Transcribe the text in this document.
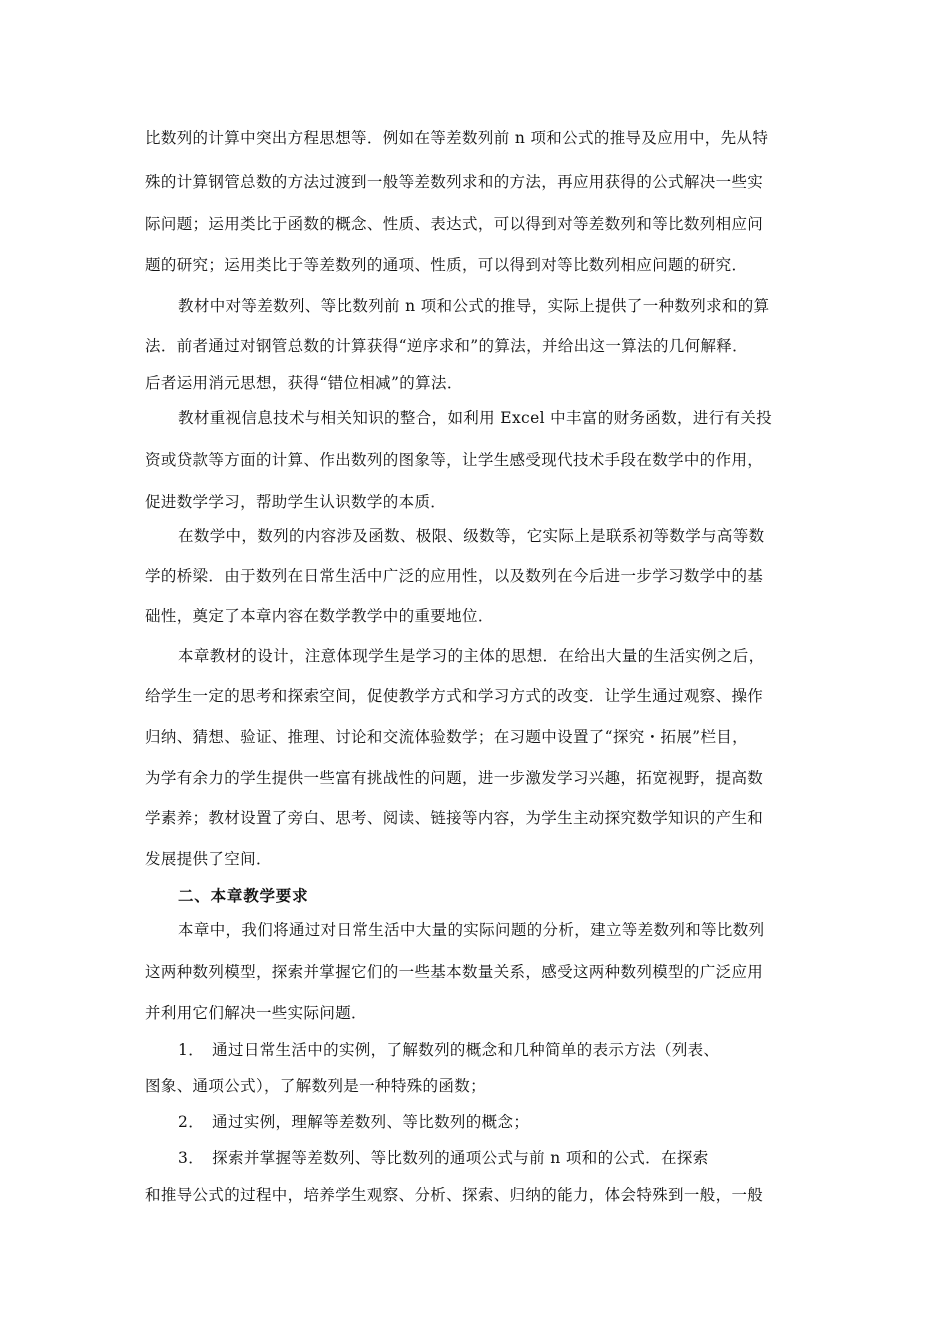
比数列的计算中突出方程思想等．例如在等差数列前 n 项和公式的推导及应用中，先从特
殊的计算钢管总数的方法过渡到一般等差数列求和的方法，再应用获得的公式解决一些实
际问题；运用类比于函数的概念、性质、表达式，可以得到对等差数列和等比数列相应问
题的研究；运用类比于等差数列的通项、性质，可以得到对等比数列相应问题的研究．
教材中对等差数列、等比数列前 n 项和公式的推导，实际上提供了一种数列求和的算
法．前者通过对钢管总数的计算获得“逆序求和”的算法，并给出这一算法的几何解释．
后者运用消元思想，获得“错位相减”的算法．
教材重视信息技术与相关知识的整合，如利用 Excel 中丰富的财务函数，进行有关投
资或贷款等方面的计算、作出数列的图象等，让学生感受现代技术手段在数学中的作用，
促进数学学习，帮助学生认识数学的本质．
在数学中，数列的内容涉及函数、极限、级数等，它实际上是联系初等数学与高等数
学的桥梁．由于数列在日常生活中广泛的应用性，以及数列在今后进一步学习数学中的基
础性，奠定了本章内容在数学教学中的重要地位．
本章教材的设计，注意体现学生是学习的主体的思想．在给出大量的生活实例之后，
给学生一定的思考和探索空间，促使教学方式和学习方式的改变．让学生通过观察、操作
归纳、猜想、验证、推理、讨论和交流体验数学；在习题中设置了“探究・拓展”栏目，
为学有余力的学生提供一些富有挑战性的问题，进一步激发学习兴趣，拓宽视野，提高数
学素养；教材设置了旁白、思考、阅读、链接等内容，为学生主动探究数学知识的产生和
发展提供了空间．
二、本章教学要求
本章中，我们将通过对日常生活中大量的实际问题的分析，建立等差数列和等比数列
这两种数列模型，探索并掌握它们的一些基本数量关系，感受这两种数列模型的广泛应用
并利用它们解决一些实际问题．
1．　通过日常生活中的实例，了解数列的概念和几种简单的表示方法（列表、
图象、通项公式），了解数列是一种特殊的函数；
2．　通过实例，理解等差数列、等比数列的概念；
3．　探索并掌握等差数列、等比数列的通项公式与前 n 项和的公式．在探索
和推导公式的过程中，培养学生观察、分析、探索、归纳的能力，体会特殊到一般，一般
